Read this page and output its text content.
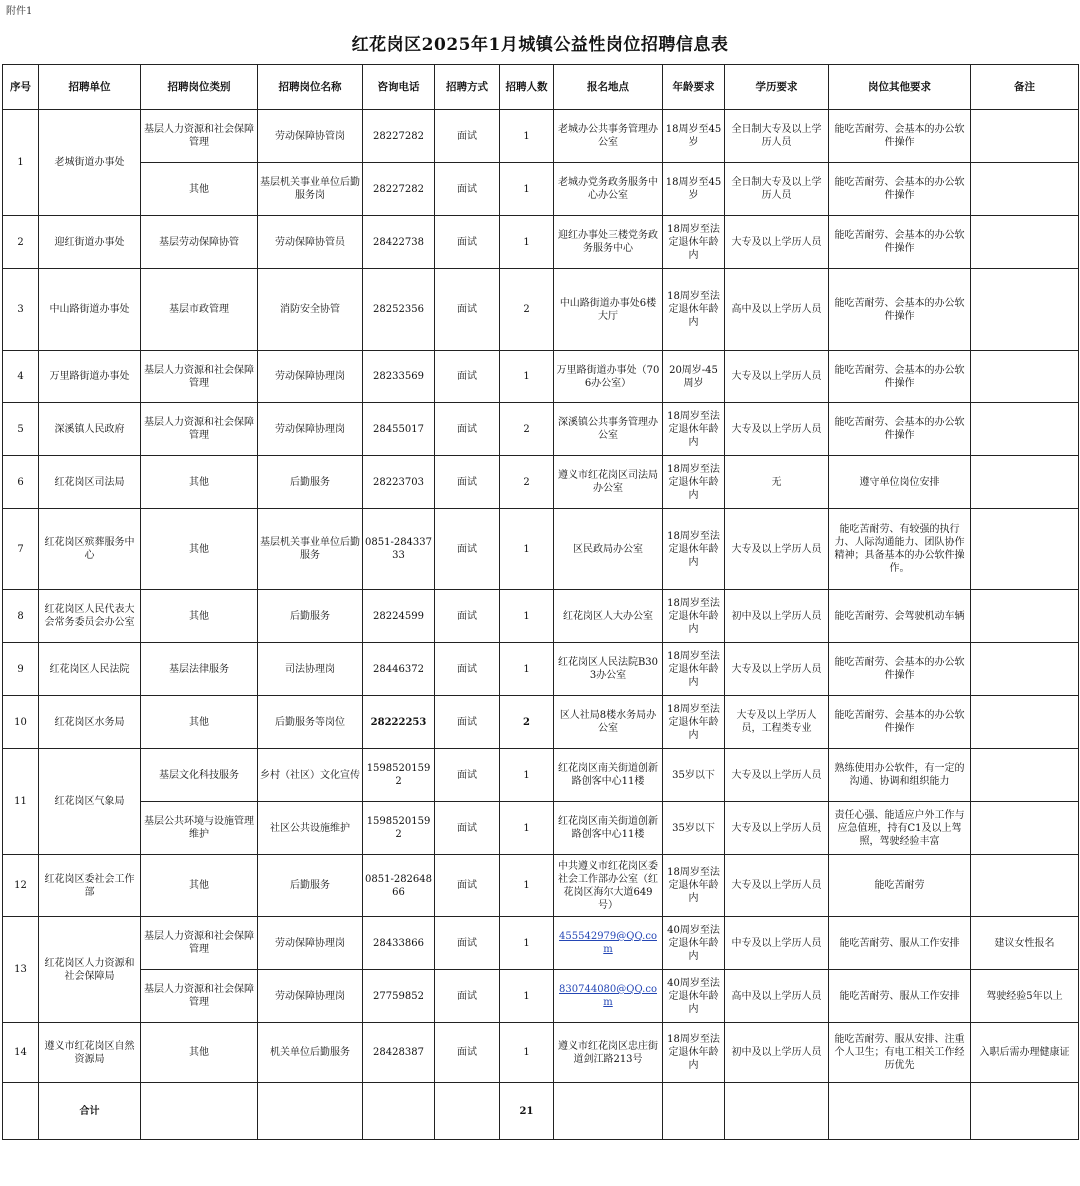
附件1
红花岗区2025年1月城镇公益性岗位招聘信息表
序号	招聘单位	招聘岗位类别	招聘岗位名称	咨询电话	招聘方式	招聘人数	报名地点	年龄要求	学历要求	岗位其他要求	备注
1	老城街道办事处	基层人力资源和社会保障管理	劳动保障协管岗	28227282	面试	1	老城办公共事务管理办公室	18周岁至45岁	全日制大专及以上学历人员	能吃苦耐劳、会基本的办公软件操作	
		其他	基层机关事业单位后勤服务岗	28227282	面试	1	老城办党务政务服务中心办公室	18周岁至45岁	全日制大专及以上学历人员	能吃苦耐劳、会基本的办公软件操作	
2	迎红街道办事处	基层劳动保障协管	劳动保障协管员	28422738	面试	1	迎红办事处三楼党务政务服务中心	18周岁至法定退休年龄内	大专及以上学历人员	能吃苦耐劳、会基本的办公软件操作	
3	中山路街道办事处	基层市政管理	消防安全协管	28252356	面试	2	中山路街道办事处6楼大厅	18周岁至法定退休年龄内	高中及以上学历人员	能吃苦耐劳、会基本的办公软件操作	
4	万里路街道办事处	基层人力资源和社会保障管理	劳动保障协理岗	28233569	面试	1	万里路街道办事处（706办公室）	20周岁-45周岁	大专及以上学历人员	能吃苦耐劳、会基本的办公软件操作	
5	深溪镇人民政府	基层人力资源和社会保障管理	劳动保障协理岗	28455017	面试	2	深溪镇公共事务管理办公室	18周岁至法定退休年龄内	大专及以上学历人员	能吃苦耐劳、会基本的办公软件操作	
6	红花岗区司法局	其他	后勤服务	28223703	面试	2	遵义市红花岗区司法局办公室	18周岁至法定退休年龄内	无	遵守单位岗位安排	
7	红花岗区殡葬服务中心	其他	基层机关事业单位后勤服务	0851-28433733	面试	1	区民政局办公室	18周岁至法定退休年龄内	大专及以上学历人员	能吃苦耐劳、有较强的执行力、人际沟通能力、团队协作精神；具备基本的办公软件操作。	
8	红花岗区人民代表大会常务委员会办公室	其他	后勤服务	28224599	面试	1	红花岗区人大办公室	18周岁至法定退休年龄内	初中及以上学历人员	能吃苦耐劳、会驾驶机动车辆	
9	红花岗区人民法院	基层法律服务	司法协理岗	28446372	面试	1	红花岗区人民法院B303办公室	18周岁至法定退休年龄内	大专及以上学历人员	能吃苦耐劳、会基本的办公软件操作	
10	红花岗区水务局	其他	后勤服务等岗位	28222253	面试	2	区人社局8楼水务局办公室	18周岁至法定退休年龄内	大专及以上学历人员，工程类专业	能吃苦耐劳、会基本的办公软件操作	
11	红花岗区气象局	基层文化科技服务	乡村（社区）文化宣传	15985201592	面试	1	红花岗区南关街道创新路创客中心11楼	35岁以下	大专及以上学历人员	熟练使用办公软件，有一定的沟通、协调和组织能力	
		基层公共环境与设施管理维护	社区公共设施维护	15985201592	面试	1	红花岗区南关街道创新路创客中心11楼	35岁以下	大专及以上学历人员	责任心强、能适应户外工作与应急值班，持有C1及以上驾照，驾驶经验丰富	
12	红花岗区委社会工作部	其他	后勤服务	0851-28264866	面试	1	中共遵义市红花岗区委社会工作部办公室（红花岗区海尔大道649号）	18周岁至法定退休年龄内	大专及以上学历人员	能吃苦耐劳	
13	红花岗区人力资源和社会保障局	基层人力资源和社会保障管理	劳动保障协理岗	28433866	面试	1	455542979@QQ.com	40周岁至法定退休年龄内	中专及以上学历人员	能吃苦耐劳、服从工作安排	建议女性报名
		基层人力资源和社会保障管理	劳动保障协理岗	27759852	面试	1	830744080@QQ.com	40周岁至法定退休年龄内	高中及以上学历人员	能吃苦耐劳、服从工作安排	驾驶经验5年以上
14	遵义市红花岗区自然资源局	其他	机关单位后勤服务	28428387	面试	1	遵义市红花岗区忠庄街道剑江路213号	18周岁至法定退休年龄内	初中及以上学历人员	能吃苦耐劳、服从安排、注重个人卫生；有电工相关工作经历优先	入职后需办理健康证
	合计					21					
